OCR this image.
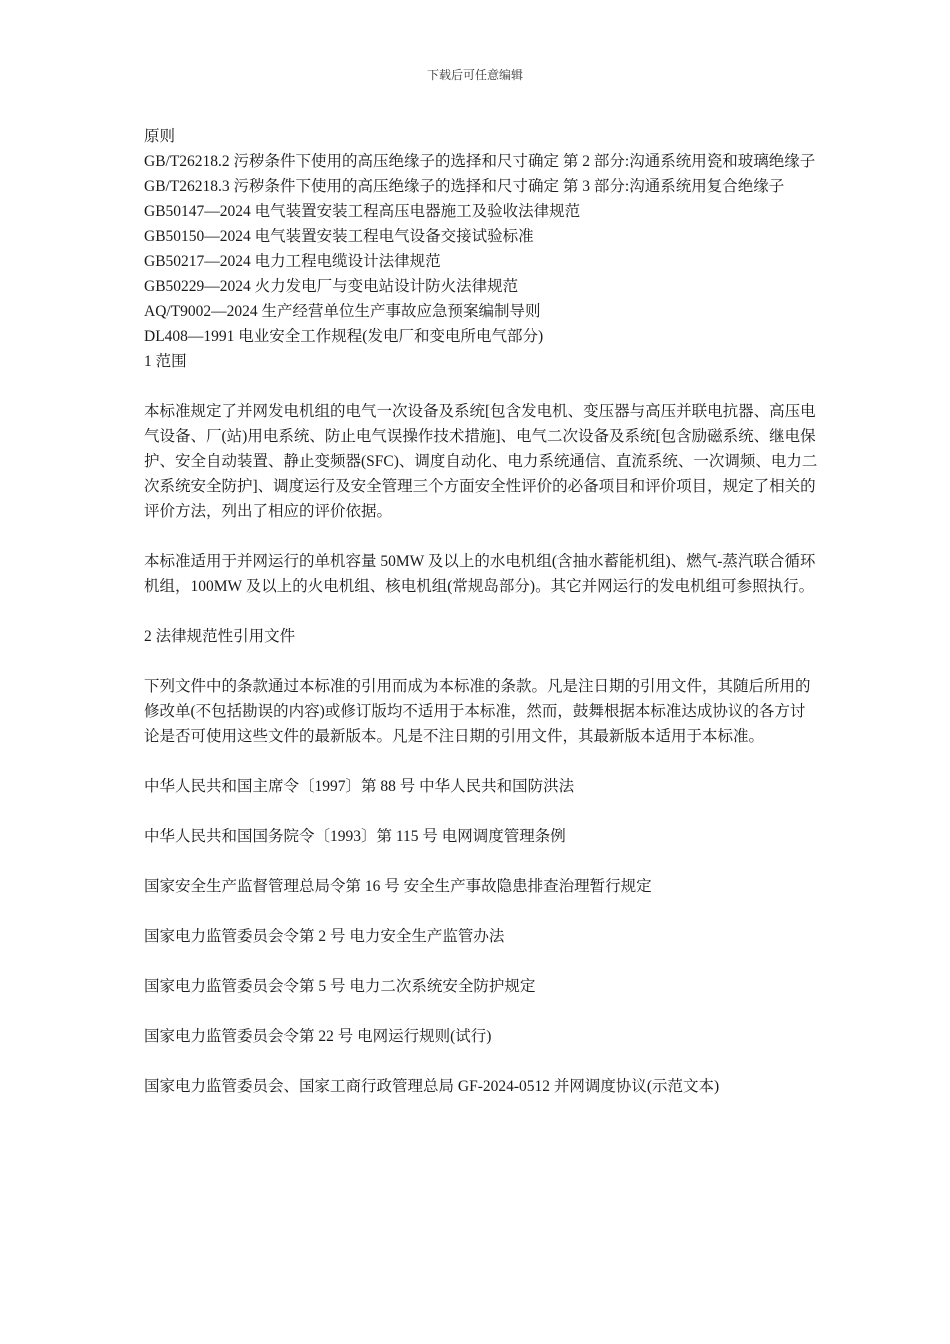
下载后可任意编辑

原则

GB/T26218.2 污秽条件下使用的高压绝缘子的选择和尺寸确定 第 2 部分:沟通系统用瓷和玻璃绝缘子

GB/T26218.3 污秽条件下使用的高压绝缘子的选择和尺寸确定 第 3 部分:沟通系统用复合绝缘子

GB50147—2024 电气装置安装工程高压电器施工及验收法律规范

GB50150—2024 电气装置安装工程电气设备交接试验标准

GB50217—2024 电力工程电缆设计法律规范

GB50229—2024 火力发电厂与变电站设计防火法律规范

AQ/T9002—2024 生产经营单位生产事故应急预案编制导则

DL408—1991 电业安全工作规程(发电厂和变电所电气部分)

1 范围

本标准规定了并网发电机组的电气一次设备及系统[包含发电机、变压器与高压并联电抗器、高压电气设备、厂(站)用电系统、防止电气误操作技术措施]、电气二次设备及系统[包含励磁系统、继电保护、安全自动装置、静止变频器(SFC)、调度自动化、电力系统通信、直流系统、一次调频、电力二次系统安全防护]、调度运行及安全管理三个方面安全性评价的必备项目和评价项目，规定了相关的评价方法，列出了相应的评价依据。

本标准适用于并网运行的单机容量 50MW 及以上的水电机组(含抽水蓄能机组)、燃气-蒸汽联合循环机组，100MW 及以上的火电机组、核电机组(常规岛部分)。其它并网运行的发电机组可参照执行。

2 法律规范性引用文件

下列文件中的条款通过本标准的引用而成为本标准的条款。凡是注日期的引用文件，其随后所用的修改单(不包括勘误的内容)或修订版均不适用于本标准，然而，鼓舞根据本标准达成协议的各方讨论是否可使用这些文件的最新版本。凡是不注日期的引用文件，其最新版本适用于本标准。

中华人民共和国主席令〔1997〕第 88 号 中华人民共和国防洪法

中华人民共和国国务院令〔1993〕第 115 号 电网调度管理条例

国家安全生产监督管理总局令第 16 号 安全生产事故隐患排查治理暂行规定

国家电力监管委员会令第 2 号 电力安全生产监管办法

国家电力监管委员会令第 5 号 电力二次系统安全防护规定

国家电力监管委员会令第 22 号 电网运行规则(试行)

国家电力监管委员会、国家工商行政管理总局 GF-2024-0512 并网调度协议(示范文本)
